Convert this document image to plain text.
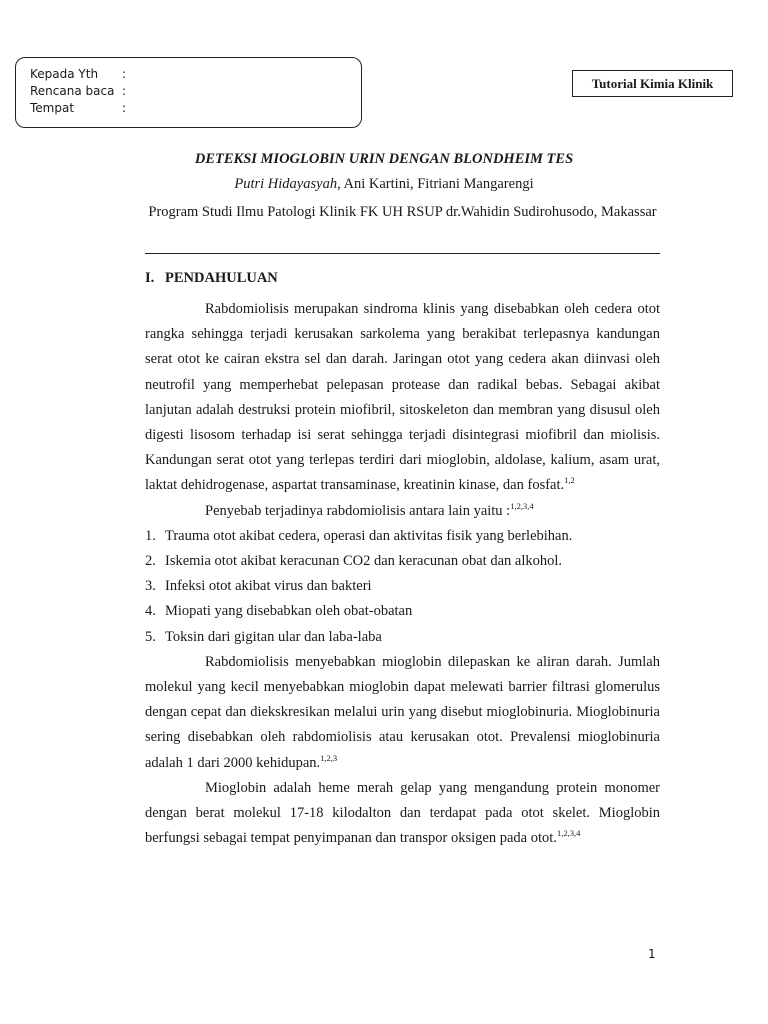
Kepada Yth	:
Rencana baca :
Tempat	:
Tutorial Kimia Klinik
DETEKSI MIOGLOBIN URIN DENGAN BLONDHEIM TES
Putri Hidayasyah, Ani Kartini, Fitriani Mangarengi
Program Studi Ilmu Patologi Klinik FK UH RSUP dr.Wahidin Sudirohusodo, Makassar
I. PENDAHULUAN

Rabdomiolisis merupakan sindroma klinis yang disebabkan oleh cedera otot rangka sehingga terjadi kerusakan sarkolema yang berakibat terlepasnya kandungan serat otot ke cairan ekstra sel dan darah. Jaringan otot yang cedera akan diinvasi oleh neutrofil yang memperhebat pelepasan protease dan radikal bebas. Sebagai akibat lanjutan adalah destruksi protein miofibril, sitoskeleton dan membran yang disusul oleh digesti lisosom terhadap isi serat sehingga terjadi disintegrasi miofibril dan miolisis. Kandungan serat otot yang terlepas terdiri dari mioglobin, aldolase, kalium, asam urat, laktat dehidrogenase, aspartat transaminase, kreatinin kinase, dan fosfat.$^{1,2}$

Penyebab terjadinya rabdomiolisis antara lain yaitu :$^{1,2,3,4}$

1. Trauma otot akibat cedera, operasi dan aktivitas fisik yang berlebihan.
2. Iskemia otot akibat keracunan CO2 dan keracunan obat dan alkohol.
3. Infeksi otot akibat virus dan bakteri
4. Miopati yang disebabkan oleh obat-obatan
5. Toksin dari gigitan ular dan laba-laba

Rabdomiolisis menyebabkan mioglobin dilepaskan ke aliran darah. Jumlah molekul yang kecil menyebabkan mioglobin dapat melewati barrier filtrasi glomerulus dengan cepat dan diekskresikan melalui urin yang disebut mioglobinuria. Mioglobinuria sering disebabkan oleh rabdomiolisis atau kerusakan otot. Prevalensi mioglobinuria adalah 1 dari 2000 kehidupan.$^{1,2,3}$

Mioglobin adalah heme merah gelap yang mengandung protein monomer dengan berat molekul 17-18 kilodalton dan terdapat pada otot skelet. Mioglobin berfungsi sebagai tempat penyimpanan dan transpor oksigen pada otot.$^{1,2,3,4}$

1
